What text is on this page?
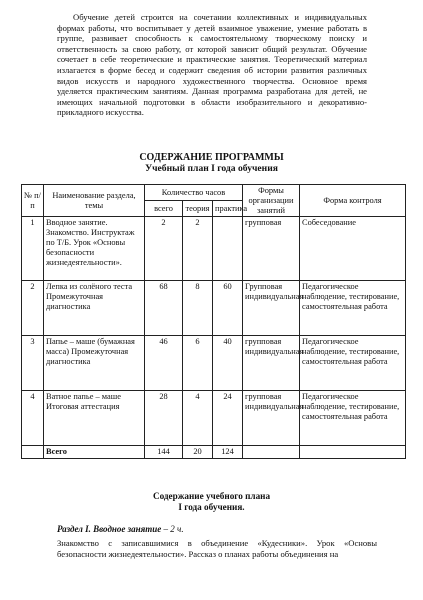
Обучение детей строится на сочетании коллективных и индивидуальных формах работы, что воспитывает у детей взаимное уважение, умение работать в группе, развивает способность к самостоятельному творческому поиску и ответственность за свою работу, от которой зависит общий результат. Обучение сочетает в себе теоретические и практические занятия. Теоретический материал излагается в форме бесед и содержит сведения об истории развития различных видов искусств и народного художественного творчества. Основное время уделяется практическим занятиям. Данная программа разработана для детей, не имеющих начальной подготовки в области изобразительного и декоративно-прикладного искусства.

СОДЕРЖАНИЕ ПРОГРАММЫ

Учебный план I года обучения

№ п/п	Наименование раздела, темы	Количество часов			Формы организации занятий	Форма контроля
		всего	теория	практика		
1	Вводное занятие. Знакомство. Инструктаж по Т/Б. Урок «Основы безопасности жизнедеятельности».	2	2		групповая	Собеседование
2	Лепка из солёного теста Промежуточная диагностика	68	8	60	Групповая индивидуальная	Педагогическое наблюдение, тестирование, самостоятельная работа
3	Папье – маше (бумажная масса) Промежуточная диагностика	46	6	40	групповая индивидуальная	Педагогическое наблюдение, тестирование, самостоятельная работа
4	Ватное папье – маше Итоговая аттестация	28	4	24	групповая индивидуальная	Педагогическое наблюдение, тестирование, самостоятельная работа
	Всего	144	20	124		

Содержание учебного плана

I года обучения.

Раздел I. Вводное занятие – 2 ч.

Знакомство с записавшимися в объединение «Кудесники». Урок «Основы безопасности жизнедеятельности». Рассказ о планах работы объединения на
